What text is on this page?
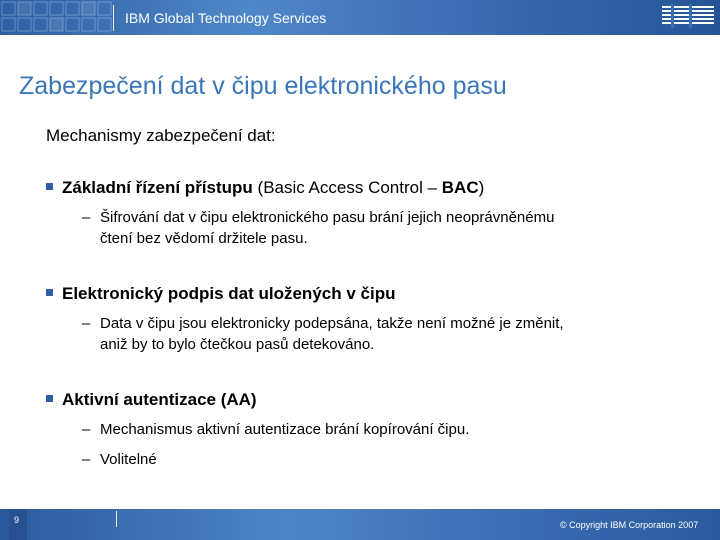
IBM Global Technology Services
Zabezpečení dat v čipu elektronického pasu
Mechanismy zabezpečení dat:
Základní řízení přístupu (Basic Access Control – BAC)
– Šifrování dat v čipu elektronického pasu brání jejich neoprávněnému
čtení bez vědomí držitele pasu.
Elektronický podpis dat uložených v čipu
– Data v čipu jsou elektronicky podepsána, takže není možné je změnit,
aniž by to bylo čtečkou pasů detekováno.
Aktivní autentizace (AA)
– Mechanismus aktivní autentizace brání kopírování čipu.
– Volitelné
9	© Copyright IBM Corporation 2007
